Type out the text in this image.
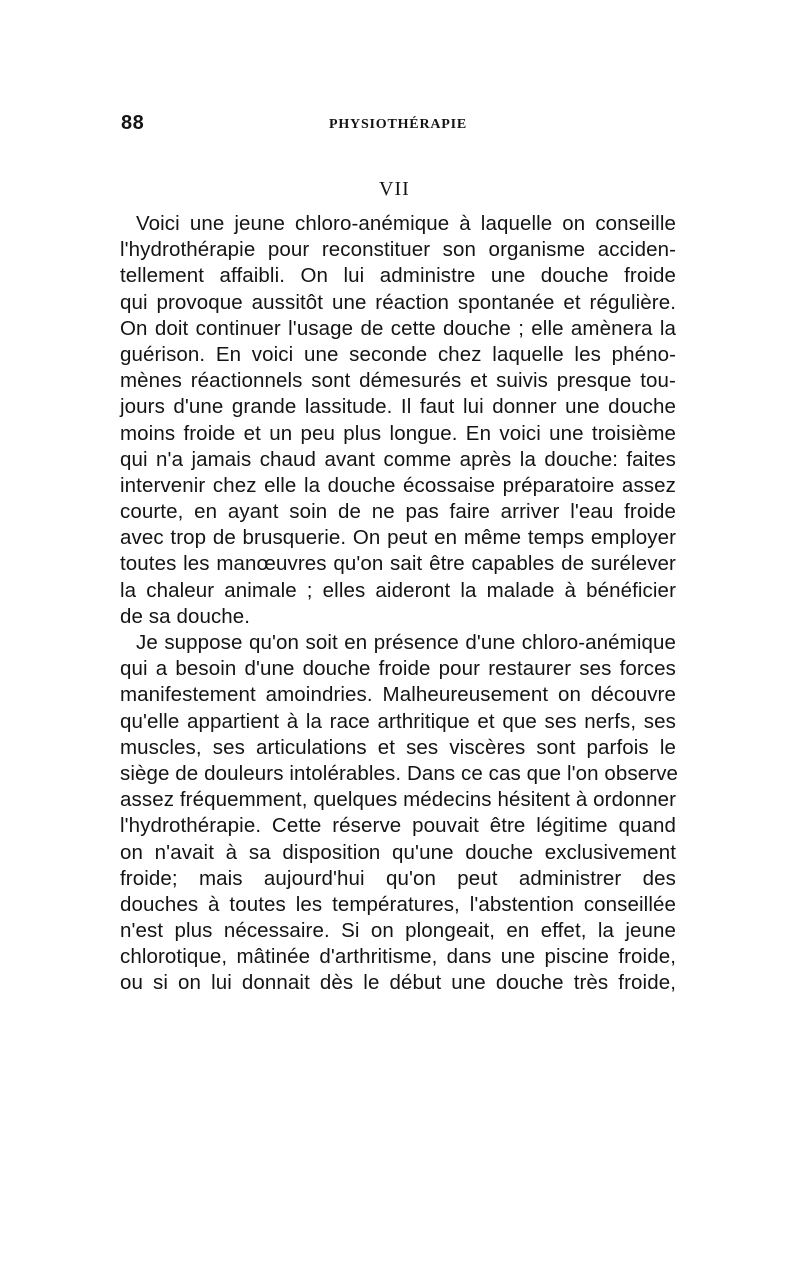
88	PHYSIOTHÉRAPIE
VII
Voici une jeune chloro-anémique à laquelle on conseille
l'hydrothérapie pour reconstituer son organisme acciden-
tellement affaibli. On lui administre une douche froide
qui provoque aussitôt une réaction spontanée et régulière.
On doit continuer l'usage de cette douche ; elle amènera la
guérison. En voici une seconde chez laquelle les phéno-
mènes réactionnels sont démesurés et suivis presque tou-
jours d'une grande lassitude. Il faut lui donner une douche
moins froide et un peu plus longue. En voici une troisième
qui n'a jamais chaud avant comme après la douche: faites
intervenir chez elle la douche écossaise préparatoire assez
courte, en ayant soin de ne pas faire arriver l'eau froide
avec trop de brusquerie. On peut en même temps employer
toutes les manœuvres qu'on sait être capables de surélever
la chaleur animale ; elles aideront la malade à bénéficier
de sa douche.
Je suppose qu'on soit en présence d'une chloro-anémique
qui a besoin d'une douche froide pour restaurer ses forces
manifestement amoindries. Malheureusement on découvre
qu'elle appartient à la race arthritique et que ses nerfs, ses
muscles, ses articulations et ses viscères sont parfois le
siège de douleurs intolérables. Dans ce cas que l'on observe
assez fréquemment, quelques médecins hésitent à ordonner
l'hydrothérapie. Cette réserve pouvait être légitime quand
on n'avait à sa disposition qu'une douche exclusivement
froide; mais aujourd'hui qu'on peut administrer des
douches à toutes les températures, l'abstention conseillée
n'est plus nécessaire. Si on plongeait, en effet, la jeune
chlorotique, mâtinée d'arthritisme, dans une piscine froide,
ou si on lui donnait dès le début une douche très froide,
